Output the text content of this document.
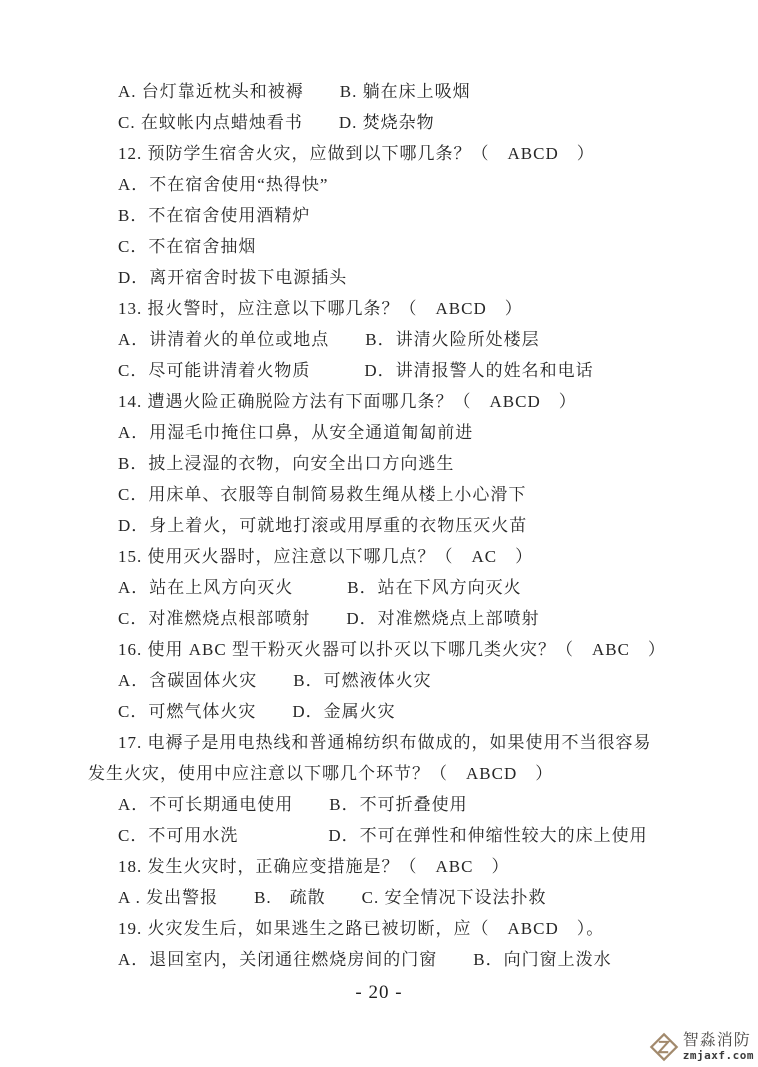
A. 台灯靠近枕头和被褥　　B. 躺在床上吸烟
C. 在蚊帐内点蜡烛看书　　D. 焚烧杂物
12. 预防学生宿舍火灾，应做到以下哪几条？（　ABCD　）
A．不在宿舍使用“热得快”
B．不在宿舍使用酒精炉
C．不在宿舍抽烟
D．离开宿舍时拔下电源插头
13. 报火警时，应注意以下哪几条？（　ABCD　）
A．讲清着火的单位或地点　　B．讲清火险所处楼层
C．尽可能讲清着火物质　　　D．讲清报警人的姓名和电话
14. 遭遇火险正确脱险方法有下面哪几条？（　ABCD　）
A．用湿毛巾掩住口鼻，从安全通道匍匐前进
B．披上浸湿的衣物，向安全出口方向逃生
C．用床单、衣服等自制简易救生绳从楼上小心滑下
D．身上着火，可就地打滚或用厚重的衣物压灭火苗
15. 使用灭火器时，应注意以下哪几点？（　AC　）
A．站在上风方向灭火　　　B．站在下风方向灭火
C．对准燃烧点根部喷射　　D．对准燃烧点上部喷射
16. 使用 ABC 型干粉灭火器可以扑灭以下哪几类火灾？（　ABC　）
A．含碳固体火灾　　B．可燃液体火灾
C．可燃气体火灾　　D．金属火灾
17. 电褥子是用电热线和普通棉纺织布做成的，如果使用不当很容易
发生火灾，使用中应注意以下哪几个环节？（　ABCD　）
A．不可长期通电使用　　B．不可折叠使用
C．不可用水洗　　　　　D．不可在弹性和伸缩性较大的床上使用
18. 发生火灾时，正确应变措施是？（　ABC　）
A . 发出警报　　B.　疏散　　C. 安全情况下设法扑救
19. 火灾发生后，如果逃生之路已被切断，应（　ABCD　）。
A．退回室内，关闭通往燃烧房间的门窗　　B．向门窗上泼水
- 20 -
智淼消防
zmjaxf.com
